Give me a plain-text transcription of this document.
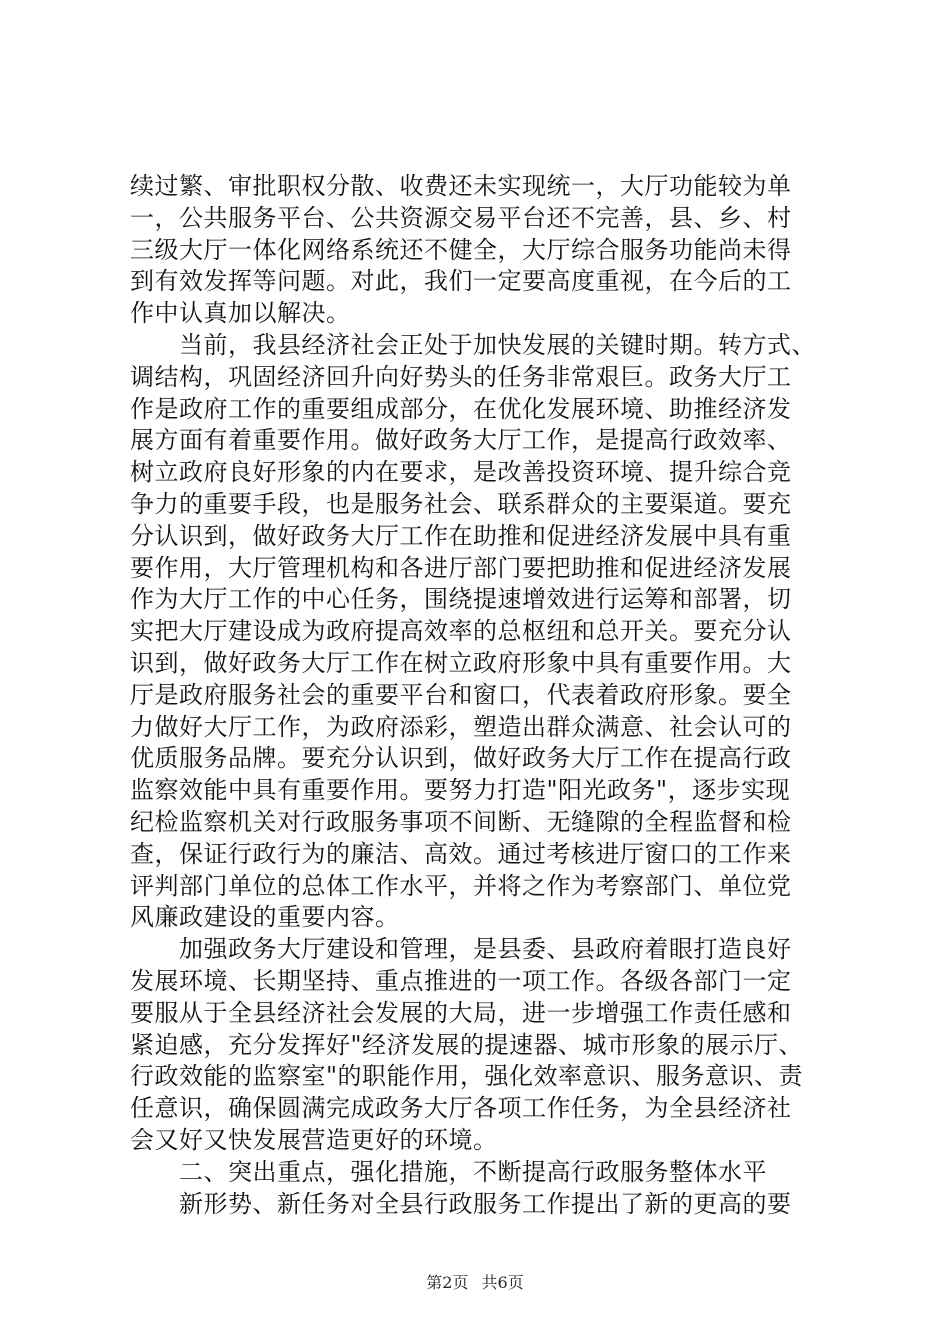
续过繁、审批职权分散、收费还未实现统一，大厅功能较为单
一，公共服务平台、公共资源交易平台还不完善，县、乡、村
三级大厅一体化网络系统还不健全，大厅综合服务功能尚未得
到有效发挥等问题。对此，我们一定要高度重视，在今后的工
作中认真加以解决。
　　当前，我县经济社会正处于加快发展的关键时期。转方式、
调结构，巩固经济回升向好势头的任务非常艰巨。政务大厅工
作是政府工作的重要组成部分，在优化发展环境、助推经济发
展方面有着重要作用。做好政务大厅工作，是提高行政效率、
树立政府良好形象的内在要求，是改善投资环境、提升综合竞
争力的重要手段，也是服务社会、联系群众的主要渠道。要充
分认识到，做好政务大厅工作在助推和促进经济发展中具有重
要作用，大厅管理机构和各进厅部门要把助推和促进经济发展
作为大厅工作的中心任务，围绕提速增效进行运筹和部署，切
实把大厅建设成为政府提高效率的总枢纽和总开关。要充分认
识到，做好政务大厅工作在树立政府形象中具有重要作用。大
厅是政府服务社会的重要平台和窗口，代表着政府形象。要全
力做好大厅工作，为政府添彩，塑造出群众满意、社会认可的
优质服务品牌。要充分认识到，做好政务大厅工作在提高行政
监察效能中具有重要作用。要努力打造"阳光政务"，逐步实现
纪检监察机关对行政服务事项不间断、无缝隙的全程监督和检
查，保证行政行为的廉洁、高效。通过考核进厅窗口的工作来
评判部门单位的总体工作水平，并将之作为考察部门、单位党
风廉政建设的重要内容。
　　加强政务大厅建设和管理，是县委、县政府着眼打造良好
发展环境、长期坚持、重点推进的一项工作。各级各部门一定
要服从于全县经济社会发展的大局，进一步增强工作责任感和
紧迫感，充分发挥好"经济发展的提速器、城市形象的展示厅、
行政效能的监察室"的职能作用，强化效率意识、服务意识、责
任意识，确保圆满完成政务大厅各项工作任务，为全县经济社
会又好又快发展营造更好的环境。
　　二、突出重点，强化措施，不断提高行政服务整体水平
　　新形势、新任务对全县行政服务工作提出了新的更高的要
第2页 共6页
